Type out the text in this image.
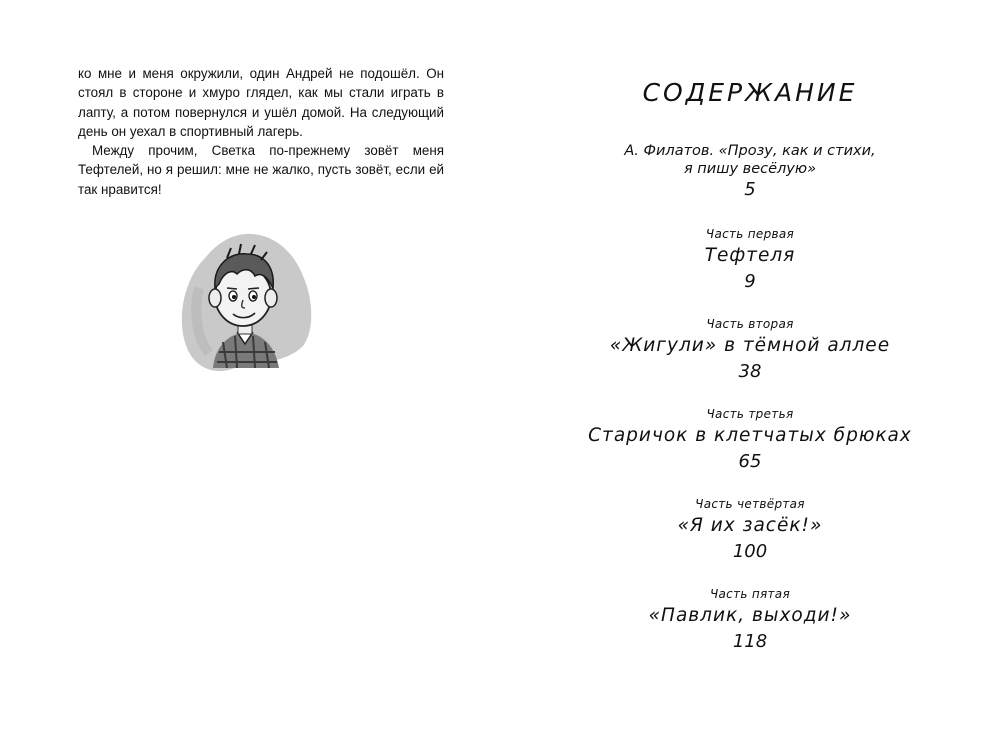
ко мне и меня окружили, один Андрей не подошёл. Он стоял в стороне и хмуро глядел, как мы стали играть в лапту, а потом повернулся и ушёл домой. На следующий день он уехал в спортивный лагерь.

Между прочим, Светка по-прежнему зовёт меня Тефтелей, но я решил: мне не жалко, пусть зовёт, если ей так нравится!

СОДЕРЖАНИЕ
А. Филатов. «Прозу, как и стихи,
я пишу весёлую»
5
Часть первая
Тефтеля
9
Часть вторая
«Жигули» в тёмной аллее
38
Часть третья
Старичок в клетчатых брюках
65
Часть четвёртая
«Я их засёк!»
100
Часть пятая
«Павлик, выходи!»
118
